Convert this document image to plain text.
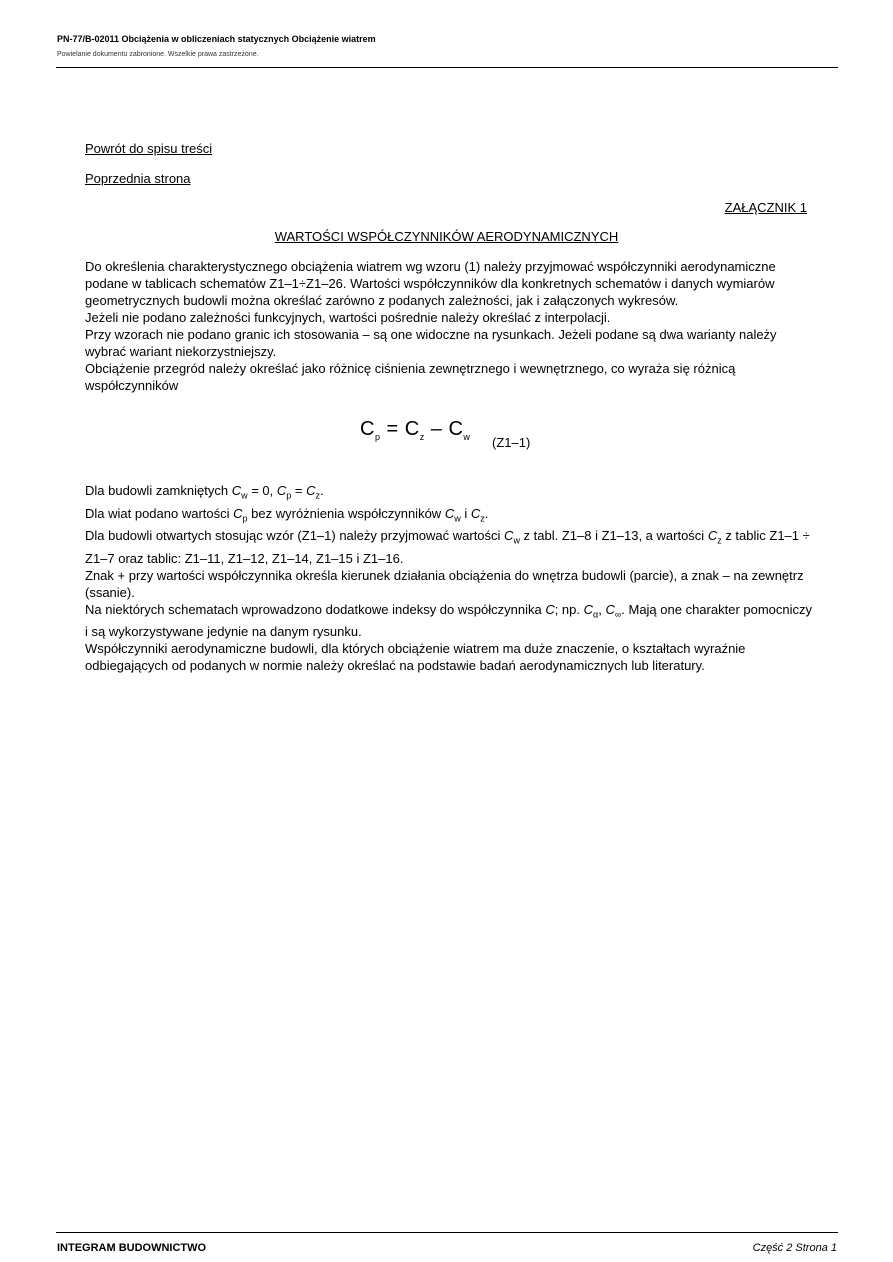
PN-77/B-02011 Obciążenia w obliczeniach statycznych Obciążenie wiatrem
Powielanie dokumentu zabronione. Wszelkie prawa zastrzeżone.
Powrót do spisu treści
Poprzednia strona
ZAŁĄCZNIK 1
WARTOŚCI WSPÓŁCZYNNIKÓW AERODYNAMICZNYCH

Do określenia charakterystycznego obciążenia wiatrem wg wzoru (1) należy przyjmować współczynniki aerodynamiczne podane w tablicach schematów Z1–1÷Z1–26. Wartości współczynników dla konkretnych schematów i danych wymiarów geometrycznych budowli można określać zarówno z podanych zależności, jak i załączonych wykresów.

Jeżeli nie podano zależności funkcyjnych, wartości pośrednie należy określać z interpolacji.

Przy wzorach nie podano granic ich stosowania – są one widoczne na rysunkach. Jeżeli podane są dwa warianty należy wybrać wariant niekorzystniejszy.

Obciążenie przegród należy określać jako różnicę ciśnienia zewnętrznego i wewnętrznego, co wyraża się różnicą współczynników

$C_p = C_z - C_w$ (Z1–1)

Dla budowli zamkniętych $C_w = 0$, $C_p = C_z$.

Dla wiat podano wartości $C_p$ bez wyróżnienia współczynników $C_w$ i $C_z$.

Dla budowli otwartych stosując wzór (Z1–1) należy przyjmować wartości $C_w$ z tabl. Z1–8 i Z1–13, a wartości $C_z$ z tablic Z1–1 ÷ Z1–7 oraz tablic: Z1–11, Z1–12, Z1–14, Z1–15 i Z1–16.

Znak + przy wartości współczynnika określa kierunek działania obciążenia do wnętrza budowli (parcie), a znak – na zewnętrz (ssanie).

Na niektórych schematach wprowadzono dodatkowe indeksy do współczynnika C; np. $C_\alpha$, $C_\infty$. Mają one charakter pomocniczy i są wykorzystywane jedynie na danym rysunku.

Współczynniki aerodynamiczne budowli, dla których obciążenie wiatrem ma duże znaczenie, o kształtach wyraźnie odbiegających od podanych w normie należy określać na podstawie badań aerodynamicznych lub literatury.

INTEGRAM BUDOWNICTWO	Część 2 Strona 1
